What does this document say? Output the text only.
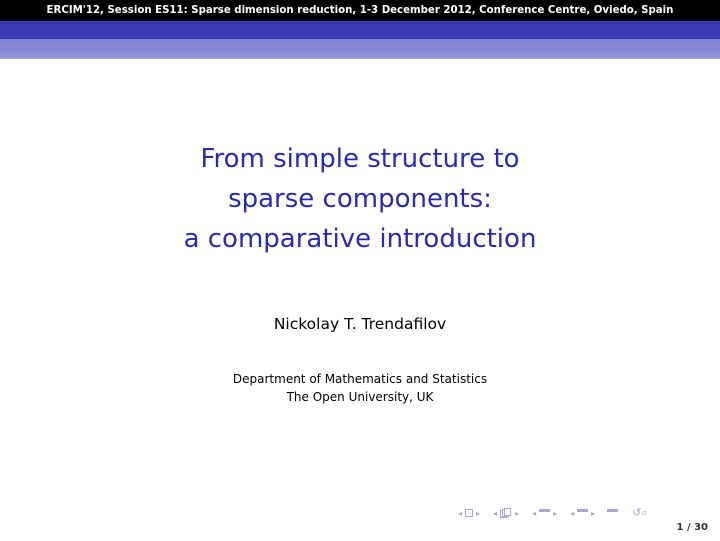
ERCIM'12, Session ES11: Sparse dimension reduction, 1-3 December 2012, Conference Centre, Oviedo, Spain
From simple structure to
sparse components:
a comparative introduction
Nickolay T. Trendafilov
Department of Mathematics and Statistics
The Open University, UK
◂ ▸ ◂ ▸ ◂ ▸ ◂ ▸	↺⌕
1 / 30
